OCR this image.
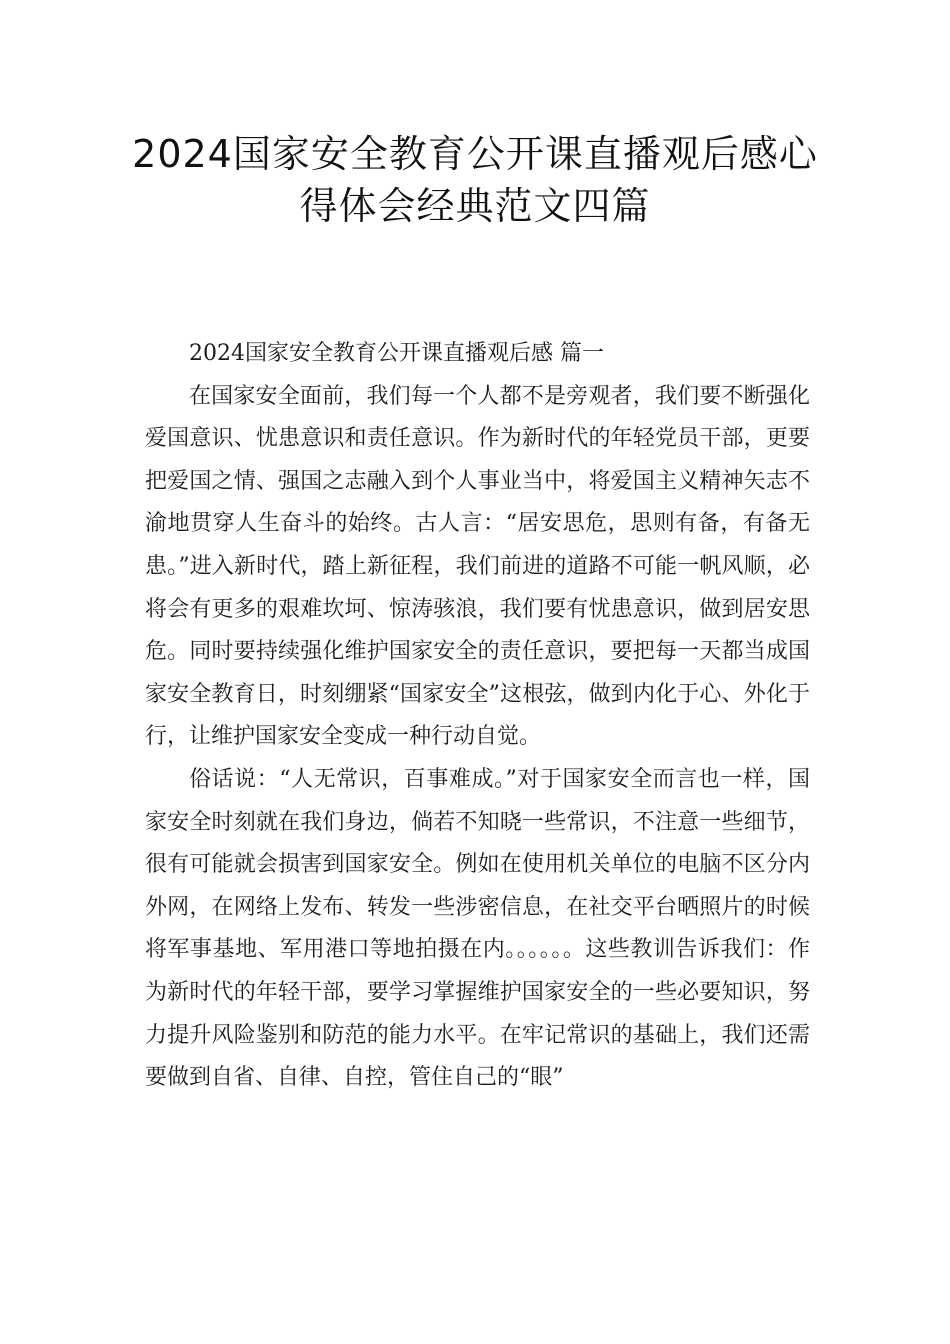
2024国家安全教育公开课直播观后感心
得体会经典范文四篇

2024国家安全教育公开课直播观后感 篇一

在国家安全面前，我们每一个人都不是旁观者，我们要不断强化爱国意识、忧患意识和责任意识。作为新时代的年轻党员干部，更要把爱国之情、强国之志融入到个人事业当中，将爱国主义精神矢志不渝地贯穿人生奋斗的始终。古人言：“居安思危，思则有备，有备无患。”进入新时代，踏上新征程，我们前进的道路不可能一帆风顺，必将会有更多的艰难坎坷、惊涛骇浪，我们要有忧患意识，做到居安思危。同时要持续强化维护国家安全的责任意识，要把每一天都当成国家安全教育日，时刻绷紧“国家安全”这根弦，做到内化于心、外化于行，让维护国家安全变成一种行动自觉。

俗话说：“人无常识，百事难成。”对于国家安全而言也一样，国家安全时刻就在我们身边，倘若不知晓一些常识，不注意一些细节，很有可能就会损害到国家安全。例如在使用机关单位的电脑不区分内外网，在网络上发布、转发一些涉密信息，在社交平台晒照片的时候将军事基地、军用港口等地拍摄在内。。。。。。这些教训告诉我们：作为新时代的年轻干部，要学习掌握维护国家安全的一些必要知识，努力提升风险鉴别和防范的能力水平。在牢记常识的基础上，我们还需要做到自省、自律、自控，管住自己的“眼”
